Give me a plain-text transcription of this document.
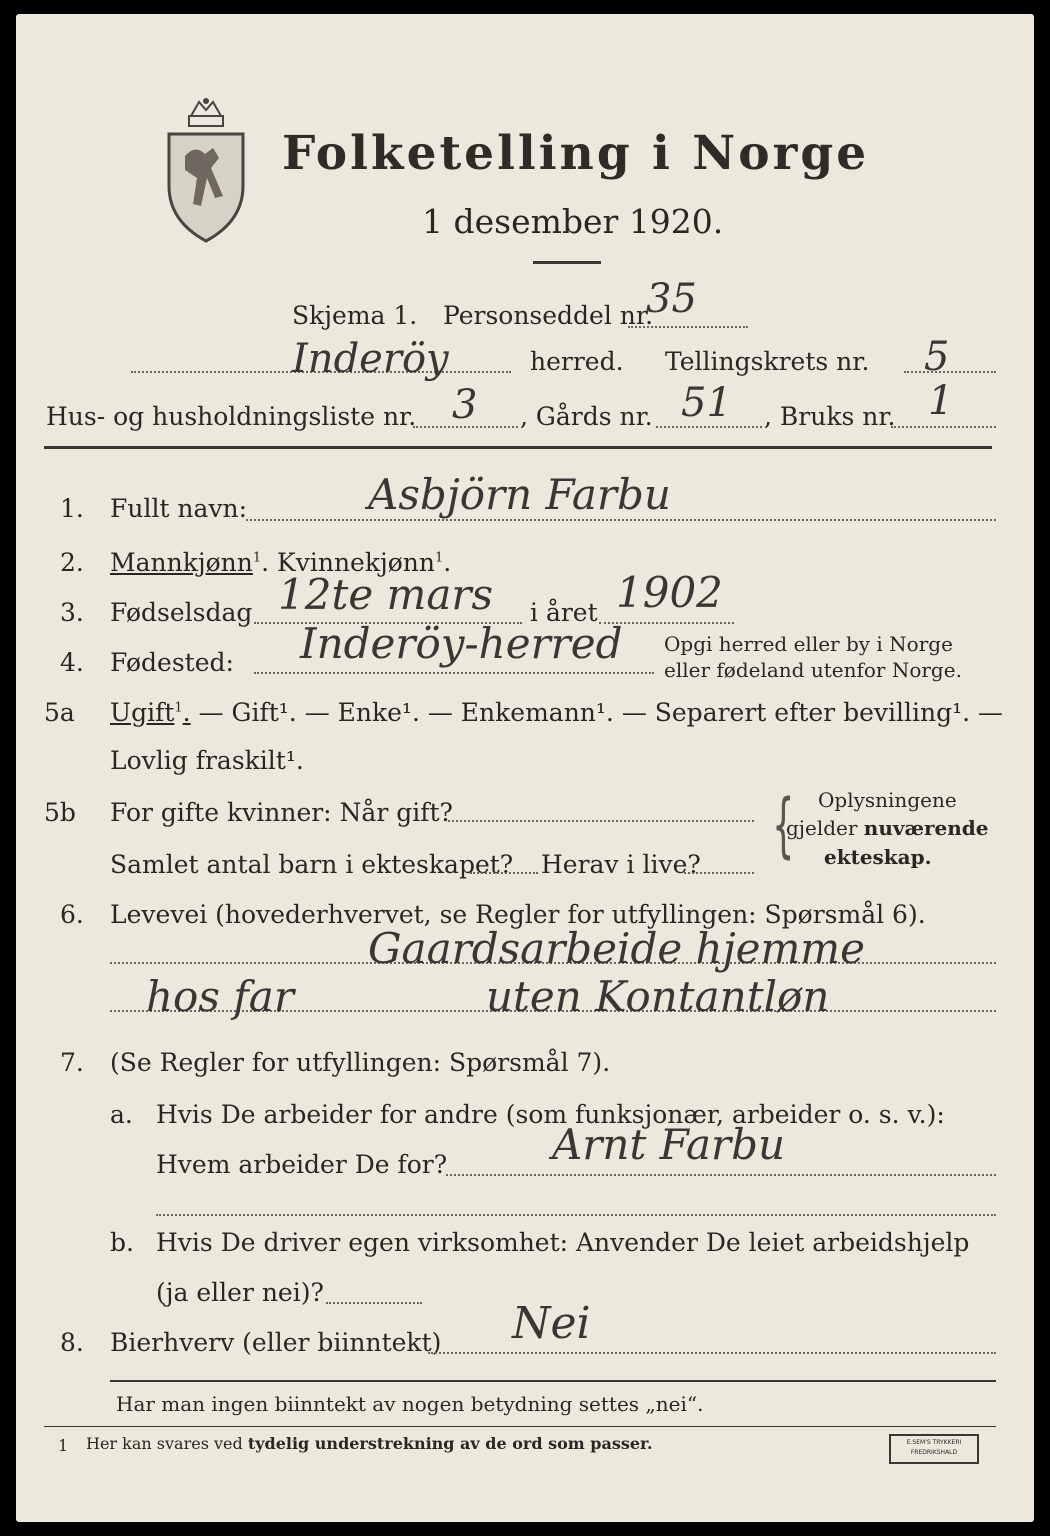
Folketelling i Norge
1 desember 1920.
Skjema 1. Personseddel nr.
35
Inderöy	herred. Tellingskrets nr. 5
Hus- og husholdningsliste nr. 3 , Gårds nr. 51 , Bruks nr. 1
1. Fullt navn:	Asbjörn Farbu
2. Mannkjønn$^1$. Kvinnekjønn$^1$.
3. Fødselsdag 12te mars i året 1902
4. Fødested: Inderöy-herred Opgi herred eller by i Norge
eller fødeland utenfor Norge.
5a Ugift$^1$. — Gift¹. — Enke¹. — Enkemann¹. — Separert efter bevilling¹. —
Lovlig fraskilt¹.
5b For gifte kvinner: Når gift?
Samlet antal barn i ekteskapet? Herav i live? { Oplysningene
gjelder nuværende
ekteskap.
6. Levevei (hovederhvervet, se Regler for utfyllingen: Spørsmål 6).
Gaardsarbeide hjemme
hos far	uten Kontantløn
7. (Se Regler for utfyllingen: Spørsmål 7).
a. Hvis De arbeider for andre (som funksjonær, arbeider o. s. v.):
Hvem arbeider De for? Arnt Farbu
b. Hvis De driver egen virksomhet: Anvender De leiet arbeidshjelp
(ja eller nei)?
8. Bierhverv (eller biinntekt) Nei
Har man ingen biinntekt av nogen betydning settes „nei“.
1 Her kan svares ved tydelig understrekning av de ord som passer.	E.SEM'S TRYKKERI
FREDRIKSHALD
